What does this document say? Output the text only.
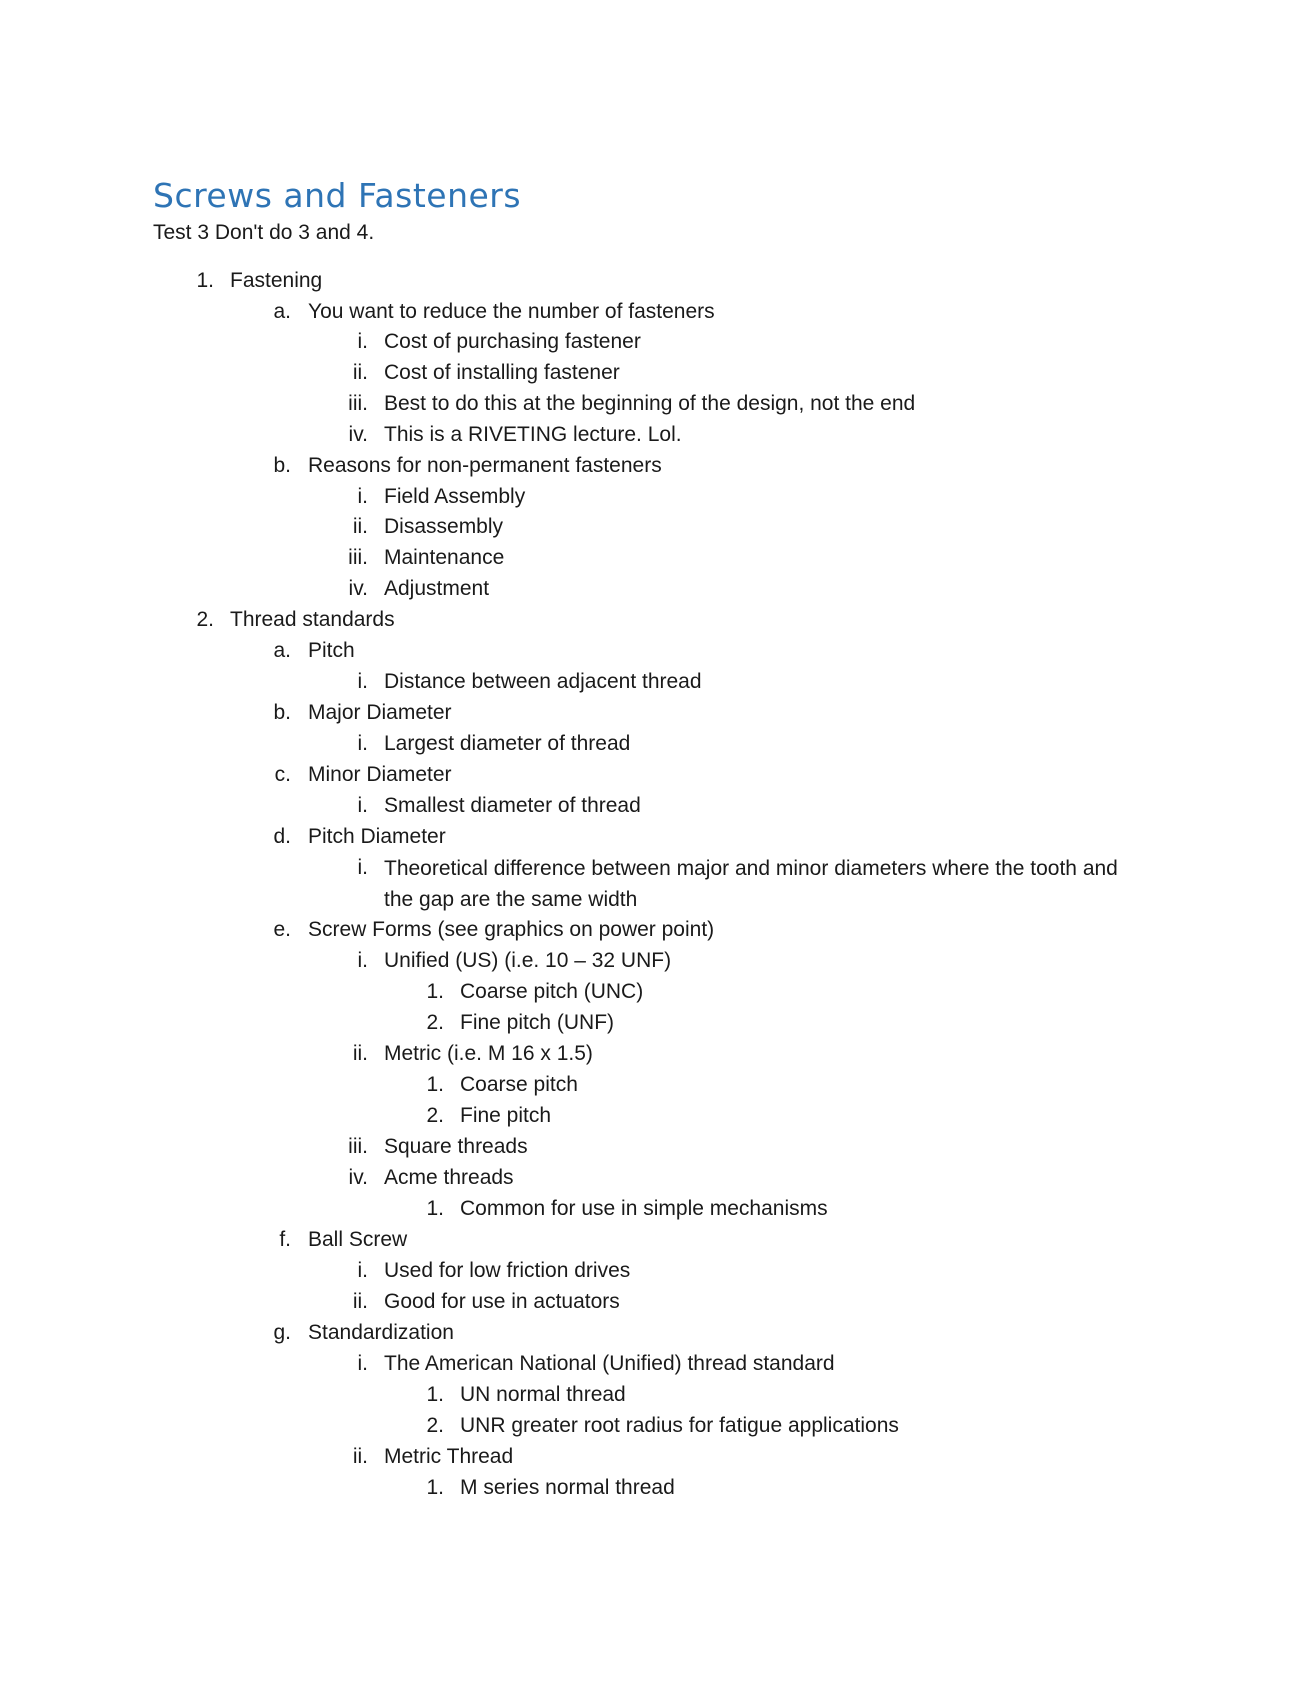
Screws and Fasteners
Test 3 Don't do 3 and 4.
1. Fastening
a. You want to reduce the number of fasteners
i. Cost of purchasing fastener
ii. Cost of installing fastener
iii. Best to do this at the beginning of the design, not the end
iv. This is a RIVETING lecture. Lol.
b. Reasons for non-permanent fasteners
i. Field Assembly
ii. Disassembly
iii. Maintenance
iv. Adjustment
2. Thread standards
a. Pitch
i. Distance between adjacent thread
b. Major Diameter
i. Largest diameter of thread
c. Minor Diameter
i. Smallest diameter of thread
d. Pitch Diameter
i. Theoretical difference between major and minor diameters where the tooth and the gap are the same width
e. Screw Forms (see graphics on power point)
i. Unified (US) (i.e. 10 – 32 UNF)
1. Coarse pitch (UNC)
2. Fine pitch (UNF)
ii. Metric (i.e. M 16 x 1.5)
1. Coarse pitch
2. Fine pitch
iii. Square threads
iv. Acme threads
1. Common for use in simple mechanisms
f. Ball Screw
i. Used for low friction drives
ii. Good for use in actuators
g. Standardization
i. The American National (Unified) thread standard
1. UN normal thread
2. UNR greater root radius for fatigue applications
ii. Metric Thread
1. M series normal thread
